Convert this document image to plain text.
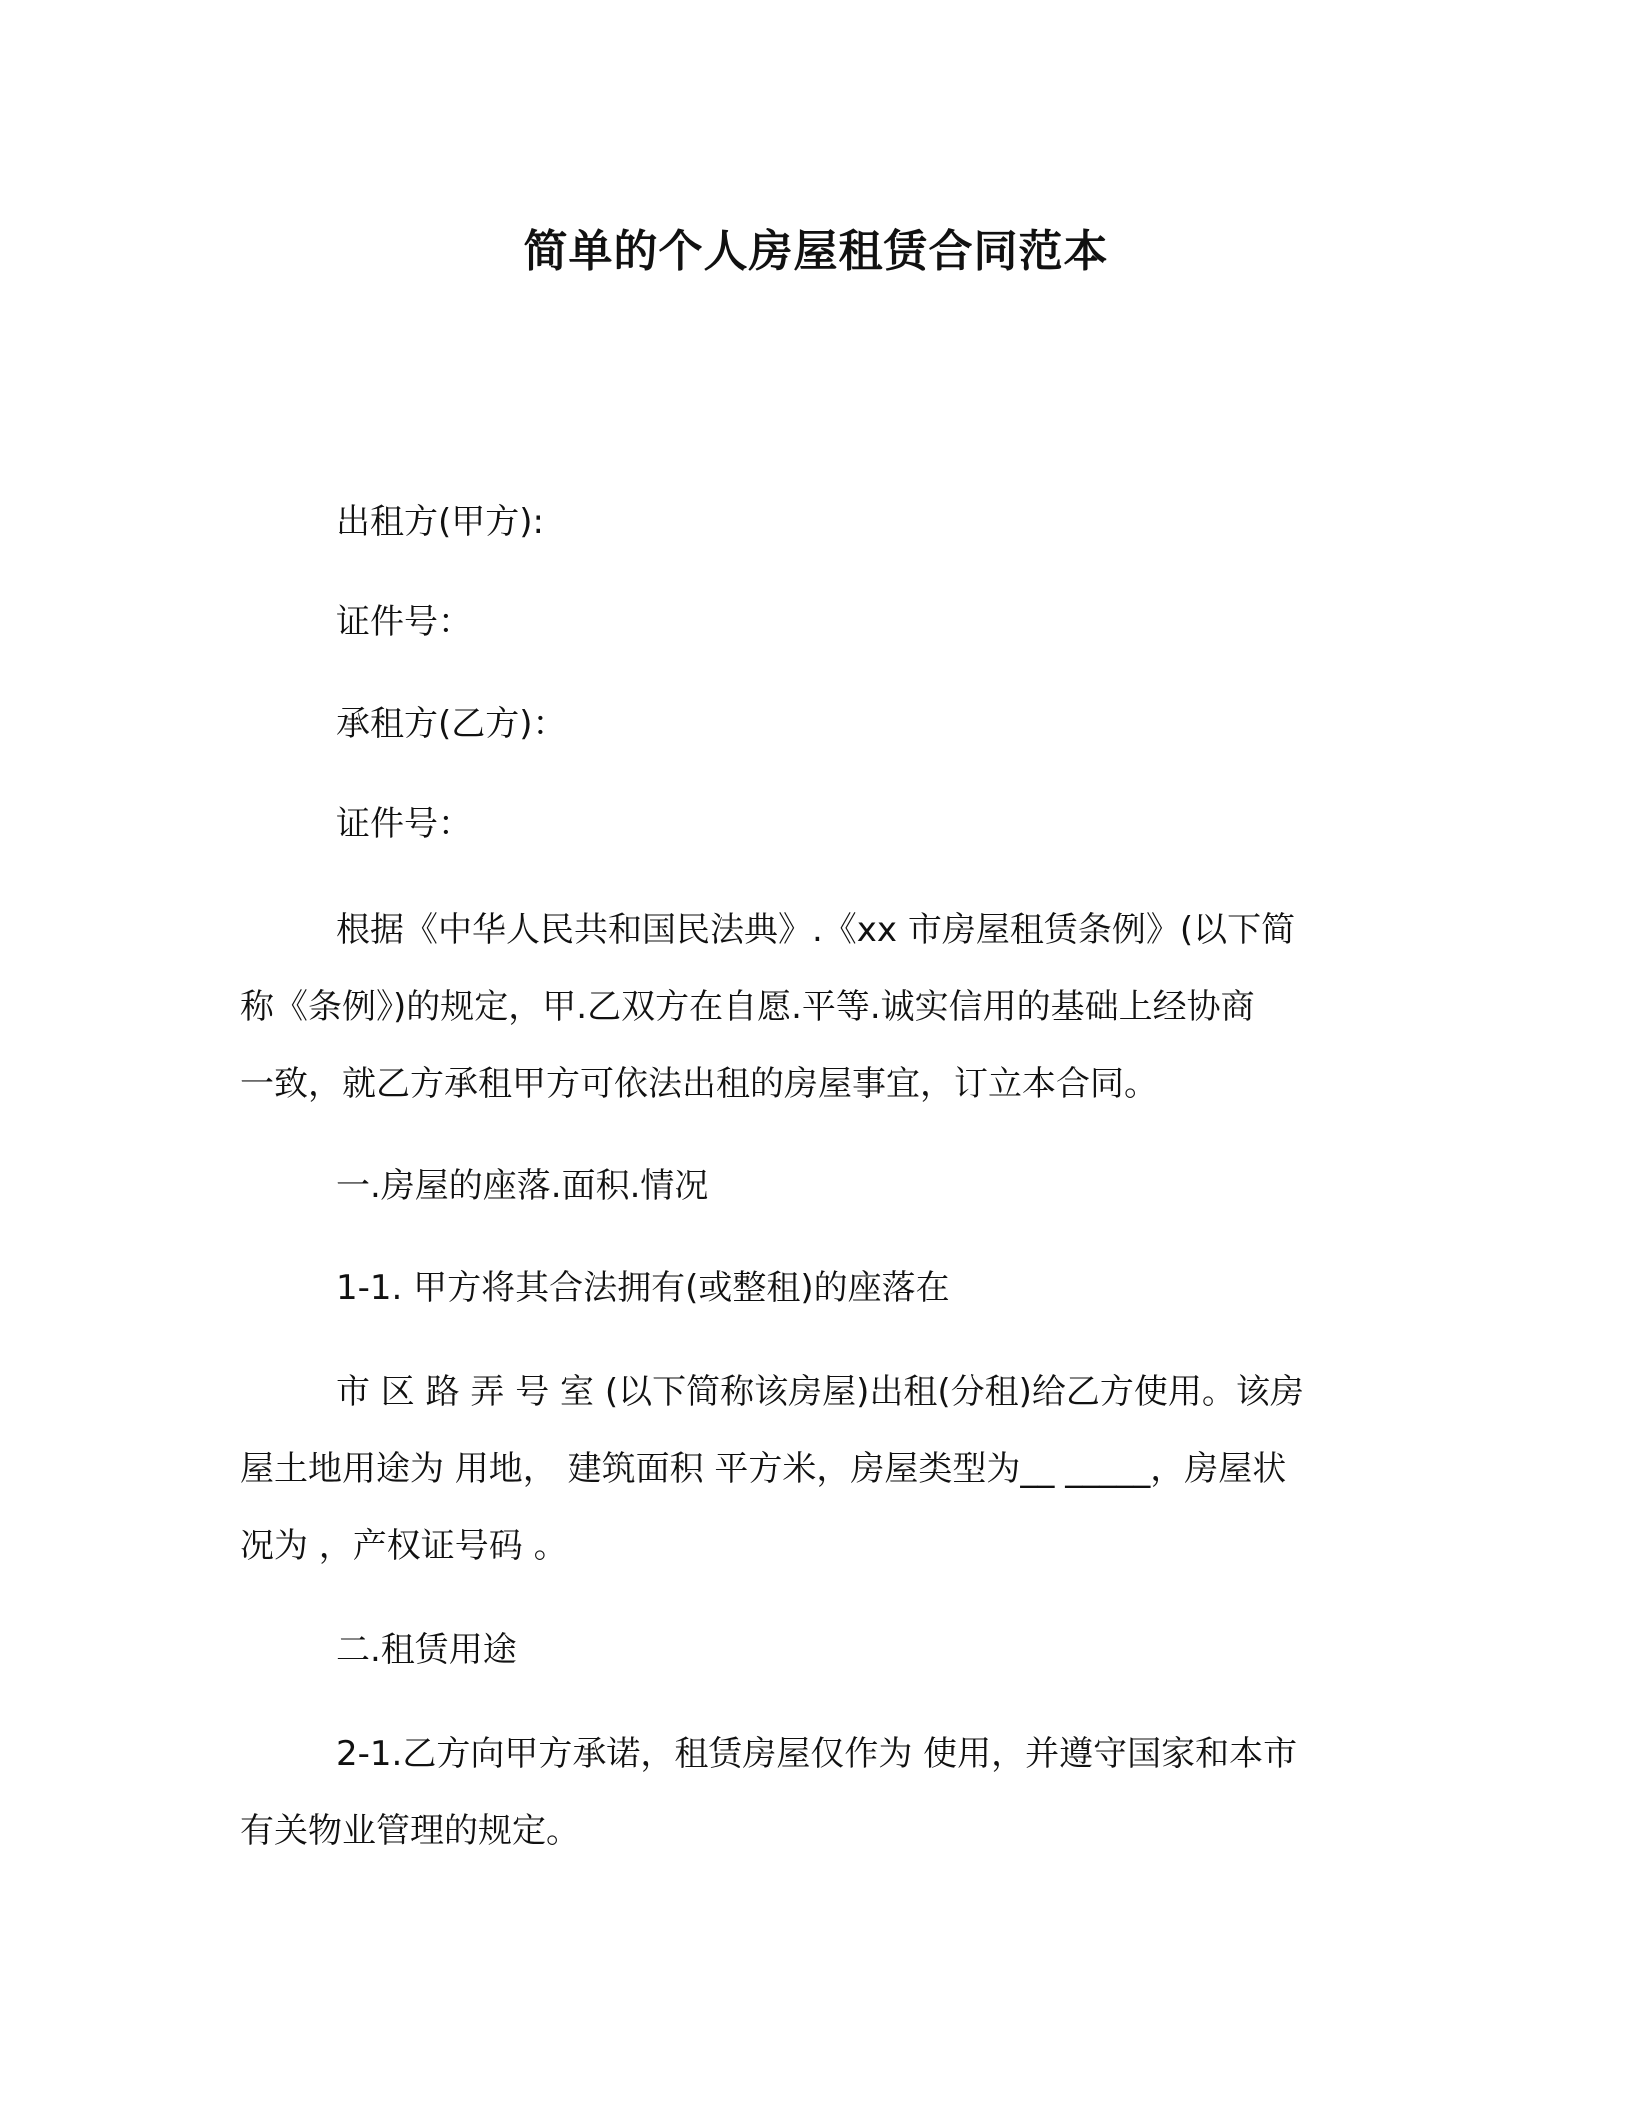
简单的个人房屋租赁合同范本

出租方(甲方):

证件号：

承租方(乙方)：

证件号：

根据《中华人民共和国民法典》.《xx 市房屋租赁条例》(以下简
称《条例》)的规定，甲.乙双方在自愿.平等.诚实信用的基础上经协商
一致，就乙方承租甲方可依法出租的房屋事宜，订立本合同。

一.房屋的座落.面积.情况

1-1. 甲方将其合法拥有(或整租)的座落在

市 区 路 弄 号 室 (以下简称该房屋)出租(分租)给乙方使用。该房
屋土地用途为 用地， 建筑面积 平方米，房屋类型为__ _____，房屋状
况为 ，产权证号码 。

二.租赁用途

2-1.乙方向甲方承诺，租赁房屋仅作为 使用，并遵守国家和本市
有关物业管理的规定。
